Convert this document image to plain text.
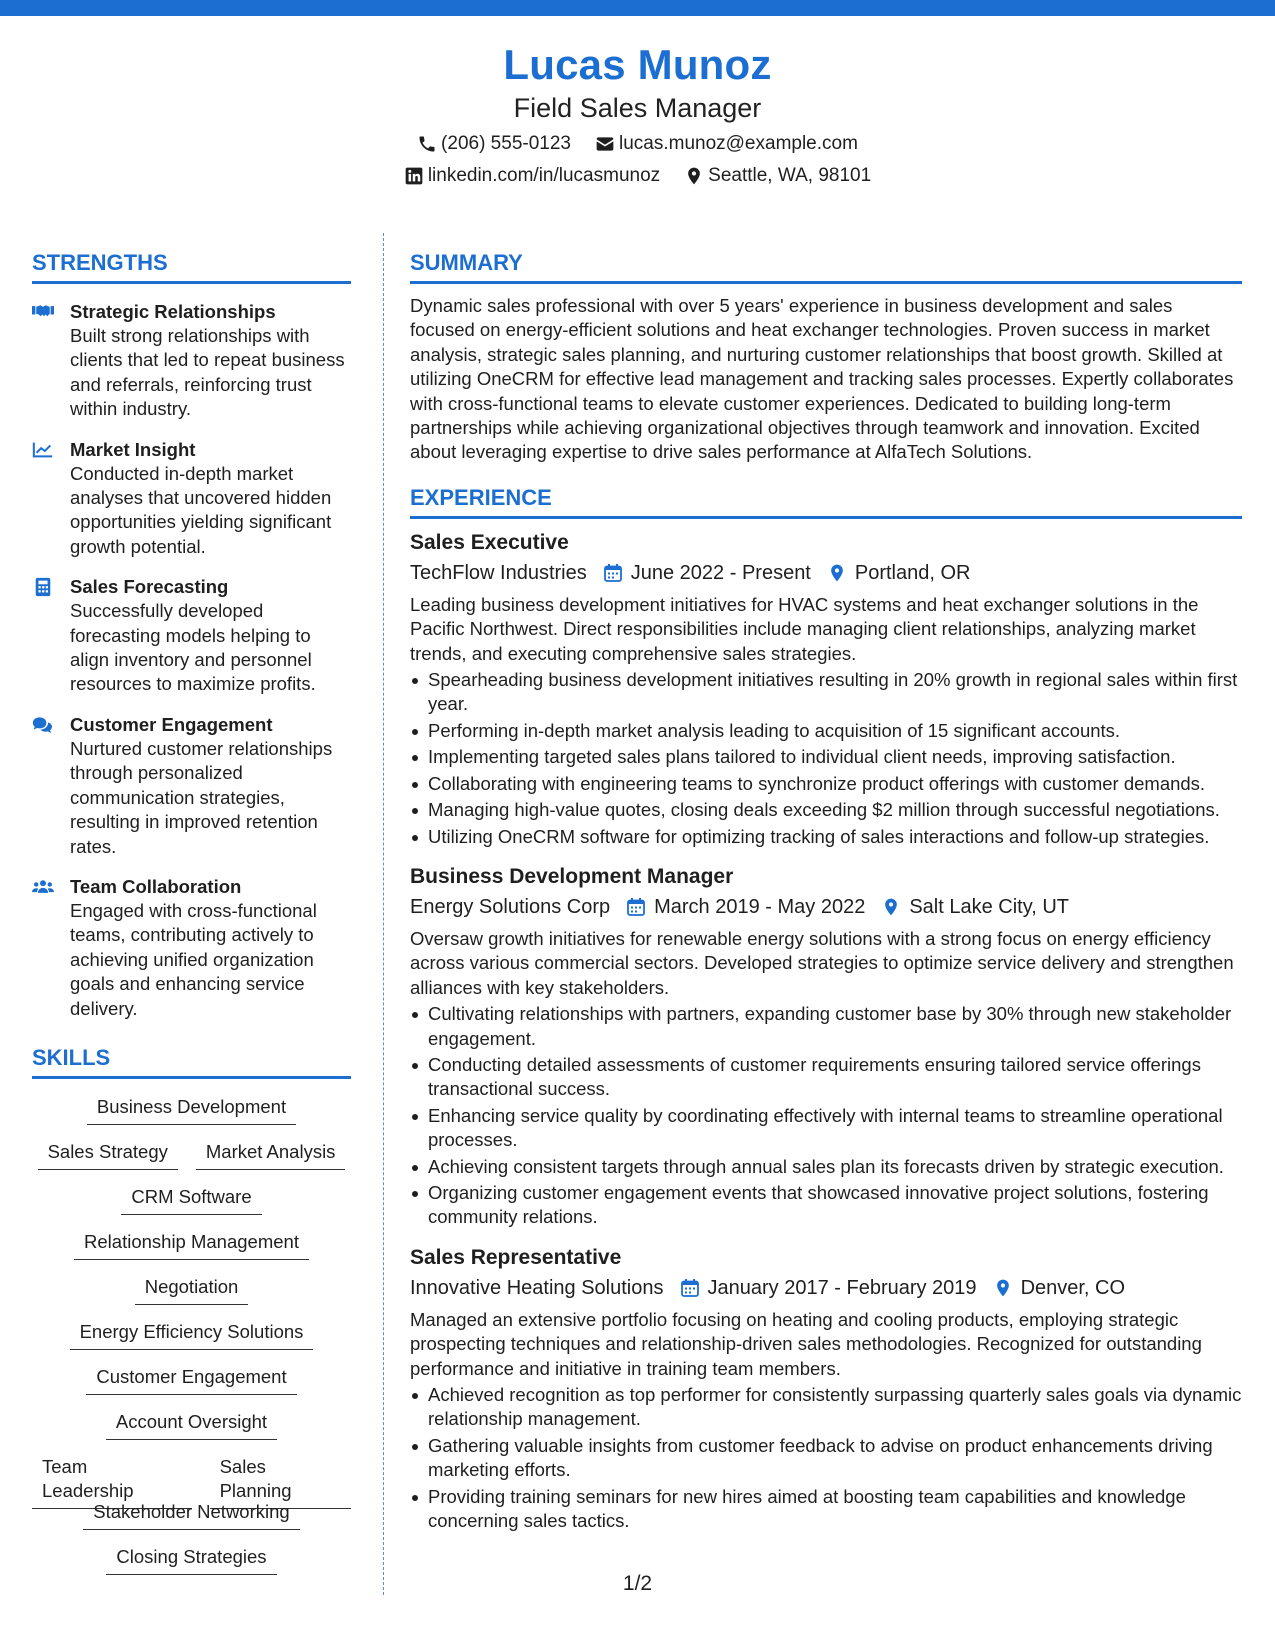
Lucas Munoz
Field Sales Manager
(206) 555-0123	lucas.munoz@example.com
linkedin.com/in/lucasmunoz	Seattle, WA, 98101
STRENGTHS
Strategic Relationships
Built strong relationships with clients that led to repeat business and referrals, reinforcing trust within industry.
Market Insight
Conducted in-depth market analyses that uncovered hidden opportunities yielding significant growth potential.
Sales Forecasting
Successfully developed forecasting models helping to align inventory and personnel resources to maximize profits.
Customer Engagement
Nurtured customer relationships through personalized communication strategies, resulting in improved retention rates.
Team Collaboration
Engaged with cross-functional teams, contributing actively to achieving unified organization goals and enhancing service delivery.
SKILLS
Business Development
Sales Strategy	Market Analysis
CRM Software
Relationship Management
Negotiation
Energy Efficiency Solutions
Customer Engagement
Account Oversight
Team Leadership
Sales Planning
Stakeholder Networking
Closing Strategies
SUMMARY
Dynamic sales professional with over 5 years' experience in business development and sales focused on energy-efficient solutions and heat exchanger technologies. Proven success in market analysis, strategic sales planning, and nurturing customer relationships that boost growth. Skilled at utilizing OneCRM for effective lead management and tracking sales processes. Expertly collaborates with cross-functional teams to elevate customer experiences. Dedicated to building long-term partnerships while achieving organizational objectives through teamwork and innovation. Excited about leveraging expertise to drive sales performance at AlfaTech Solutions.
EXPERIENCE
Sales Executive
TechFlow Industries June 2022 - Present Portland, OR
Leading business development initiatives for HVAC systems and heat exchanger solutions in the Pacific Northwest. Direct responsibilities include managing client relationships, analyzing market trends, and executing comprehensive sales strategies.
Spearheading business development initiatives resulting in 20% growth in regional sales within first year.
Performing in-depth market analysis leading to acquisition of 15 significant accounts.
Implementing targeted sales plans tailored to individual client needs, improving satisfaction.
Collaborating with engineering teams to synchronize product offerings with customer demands.
Managing high-value quotes, closing deals exceeding $2 million through successful negotiations.
Utilizing OneCRM software for optimizing tracking of sales interactions and follow-up strategies.
Business Development Manager
Energy Solutions Corp March 2019 - May 2022 Salt Lake City, UT
Oversaw growth initiatives for renewable energy solutions with a strong focus on energy efficiency across various commercial sectors. Developed strategies to optimize service delivery and strengthen alliances with key stakeholders.
Cultivating relationships with partners, expanding customer base by 30% through new stakeholder engagement.
Conducting detailed assessments of customer requirements ensuring tailored service offerings transactional success.
Enhancing service quality by coordinating effectively with internal teams to streamline operational processes.
Achieving consistent targets through annual sales plan its forecasts driven by strategic execution.
Organizing customer engagement events that showcased innovative project solutions, fostering community relations.
Sales Representative
Innovative Heating Solutions January 2017 - February 2019 Denver, CO
Managed an extensive portfolio focusing on heating and cooling products, employing strategic prospecting techniques and relationship-driven sales methodologies. Recognized for outstanding performance and initiative in training team members.
Achieved recognition as top performer for consistently surpassing quarterly sales goals via dynamic relationship management.
Gathering valuable insights from customer feedback to advise on product enhancements driving marketing efforts.
Providing training seminars for new hires aimed at boosting team capabilities and knowledge concerning sales tactics.
1/2
